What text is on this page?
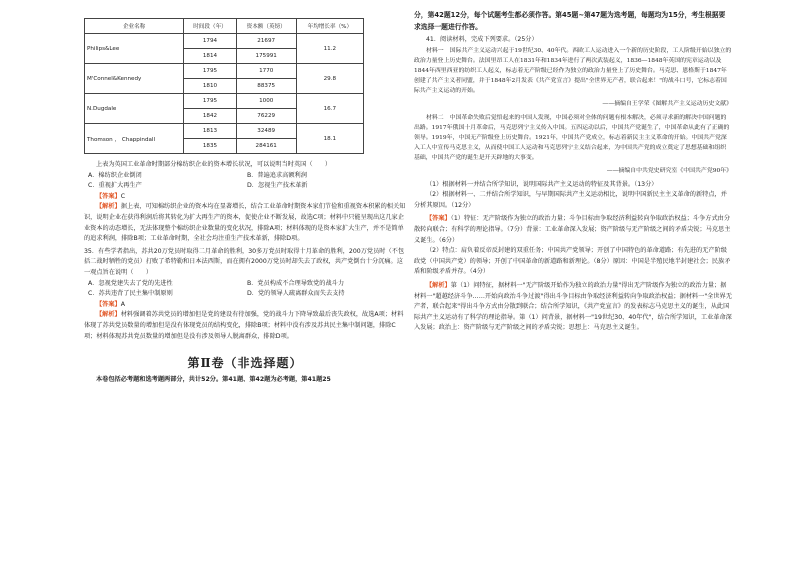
企业名称	时间段（年）	资本额（英镑）	年均增长率（%）
Philips&Lee	1794	21697	11.2
	1814	175991	
M'Connel&Kennedy	1795	1770	29.8
	1810	88375	
N.Dugdale	1795	1000	16.7
	1842	76229	
Thomson ， Chappindall	1813	32489	18.1
	1835	284161	

上表为英国工业革命时期部分棉纺织企业的资本增长状况，可以说明当时英国（　　）

A．棉纺织企业倒闭	B．普遍追求高额利润
C．重视扩大再生产	D．忽视生产技术革新

【答案】C

【解析】据上表，可知棉纺织企业的资本均在显著增长，结合工业革命时期资本家们节俭和重视资本积累的相关知识，说明企业在获得利润后将其转化为扩大再生产的资本，促使企业不断发展，故选C项；材料中只能呈现出这几家企业资本的动态增长，无法体现整个棉纺织企业数量的变化状况，排除A项；材料体现的是资本家扩大生产，并不是简单的追求利润，排除B项；工业革命时期，全社会均注重生产技术革新，排除D项。

35．有些学者指出，苏共20万党员时取得二月革命的胜利，30多万党员时取得十月革命的胜利，200万党员时（不包括二战时牺牲的党员）打败了希特勒和日本法西斯，而在拥有2000万党员时却失去了政权，共产党倒台十分沉痛。这一观点旨在说明（　　）

A．忽视党建失去了党的先进性	B．党员构成不合理导致党的战斗力
C．苏共违背了民主集中制原则	D．党的领导人疏离群众而失去支持

【答案】A

【解析】材料强调着苏共党员的增加但是党的建设有待加强，党的战斗力下降导致最后丧失政权，故选A项；材料体现了苏共党员数量的增加但是没有体现党员的结构变化，排除B项；材料中没有涉及苏共民主集中制问题，排除C项；材料体现苏共党员数量的增加但是没有涉及领导人脱离群众，排除D项。

第Ⅱ卷（非选择题）

本卷包括必考题和选考题两部分，共计52分。第41题、第42题为必考题，第41题25

分，第42题12分，每个试题考生都必须作答。第45题~第47题为选考题，每题均为15分，考生根据要求选择一题进行作答。

41．阅读材料，完成下列要求。（25分）

材料一　国际共产主义运动兴起于19世纪30、40年代。西欧工人运动进入一个新的历史阶段，工人阶级开始以独立的政治力量登上历史舞台。法国里昂工人在1831年和1834年进行了两次武装起义，1836—1848年英国的宪章运动以及1844年西里西亚的纺织工人起义，标志着无产阶级已经作为独立的政治力量登上了历史舞台。马克思、恩格斯于1847年创建了共产主义者同盟，并于1848年2月发表《共产党宣言》提出"全世界无产者，联合起来！"的战斗口号，它标志着国际共产主义运动的开始。

——摘编自王学荣《图解共产主义运动历史文献》

材料二　中国革命失败后觉悟起来的中国人发现，中国必须对全体的问题有根本解决，必须寻求新的解决中国问题的出路。1917年俄国十月革命后，马克思列宁主义传入中国。五四运动以后，中国共产党诞生了，中国革命从此有了正确的领导。1919年，中国无产阶级登上历史舞台。1921年，中国共产党成立，标志着新民主主义革命的开始。中国共产党深入工人中宣传马克思主义，从而使中国工人运动和马克思列宁主义结合起来，为中国共产党的成立奠定了思想基础和组织基础，中国共产党的诞生是开天辟地的大事变。

——摘编自中共党史研究室《中国共产党90年》

（1）根据材料一并结合所学知识，说明国际共产主义运动的特征及其背景。（13分）

（2）根据材料一、二并结合所学知识，与早期国际共产主义运动相比，说明中国新民主主义革命的新特点，并分析其原因。（12分）

【答案】（1）特征：无产阶级作为独立的政治力量；斗争目标由争取经济利益转向争取政治权益；斗争方式由分散转向联合；有科学的理论指导。（7分）背景：工业革命深入发展；资产阶级与无产阶级之间的矛盾尖锐；马克思主义诞生。（6分）

（2）特点：肩负着反帝反封建的双重任务；中国共产党领导；开创了中国特色的革命道路；有先进的无产阶级政党（中国共产党）的领导；开创了中国革命的新道路和新理论。（8分）原因：中国是半殖民地半封建社会；民族矛盾和阶级矛盾并存。（4分）

【解析】第（1）问特征，据材料一"无产阶级开始作为独立的政治力量"得出无产阶级作为独立的政治力量；据材料一"超越经济斗争……开始向政治斗争过渡"得出斗争目标由争取经济利益转向争取政治权益；据材料一"全世界无产者，联合起来"得出斗争方式由分散到联合；结合所学知识，《共产党宣言》的发表标志马克思主义的诞生，从此国际共产主义运动有了科学的理论指导。第（1）问背景，据材料一"19世纪30、40年代"，结合所学知识，工业革命深入发展；政治上：资产阶级与无产阶级之间的矛盾尖锐；思想上：马克思主义诞生。
